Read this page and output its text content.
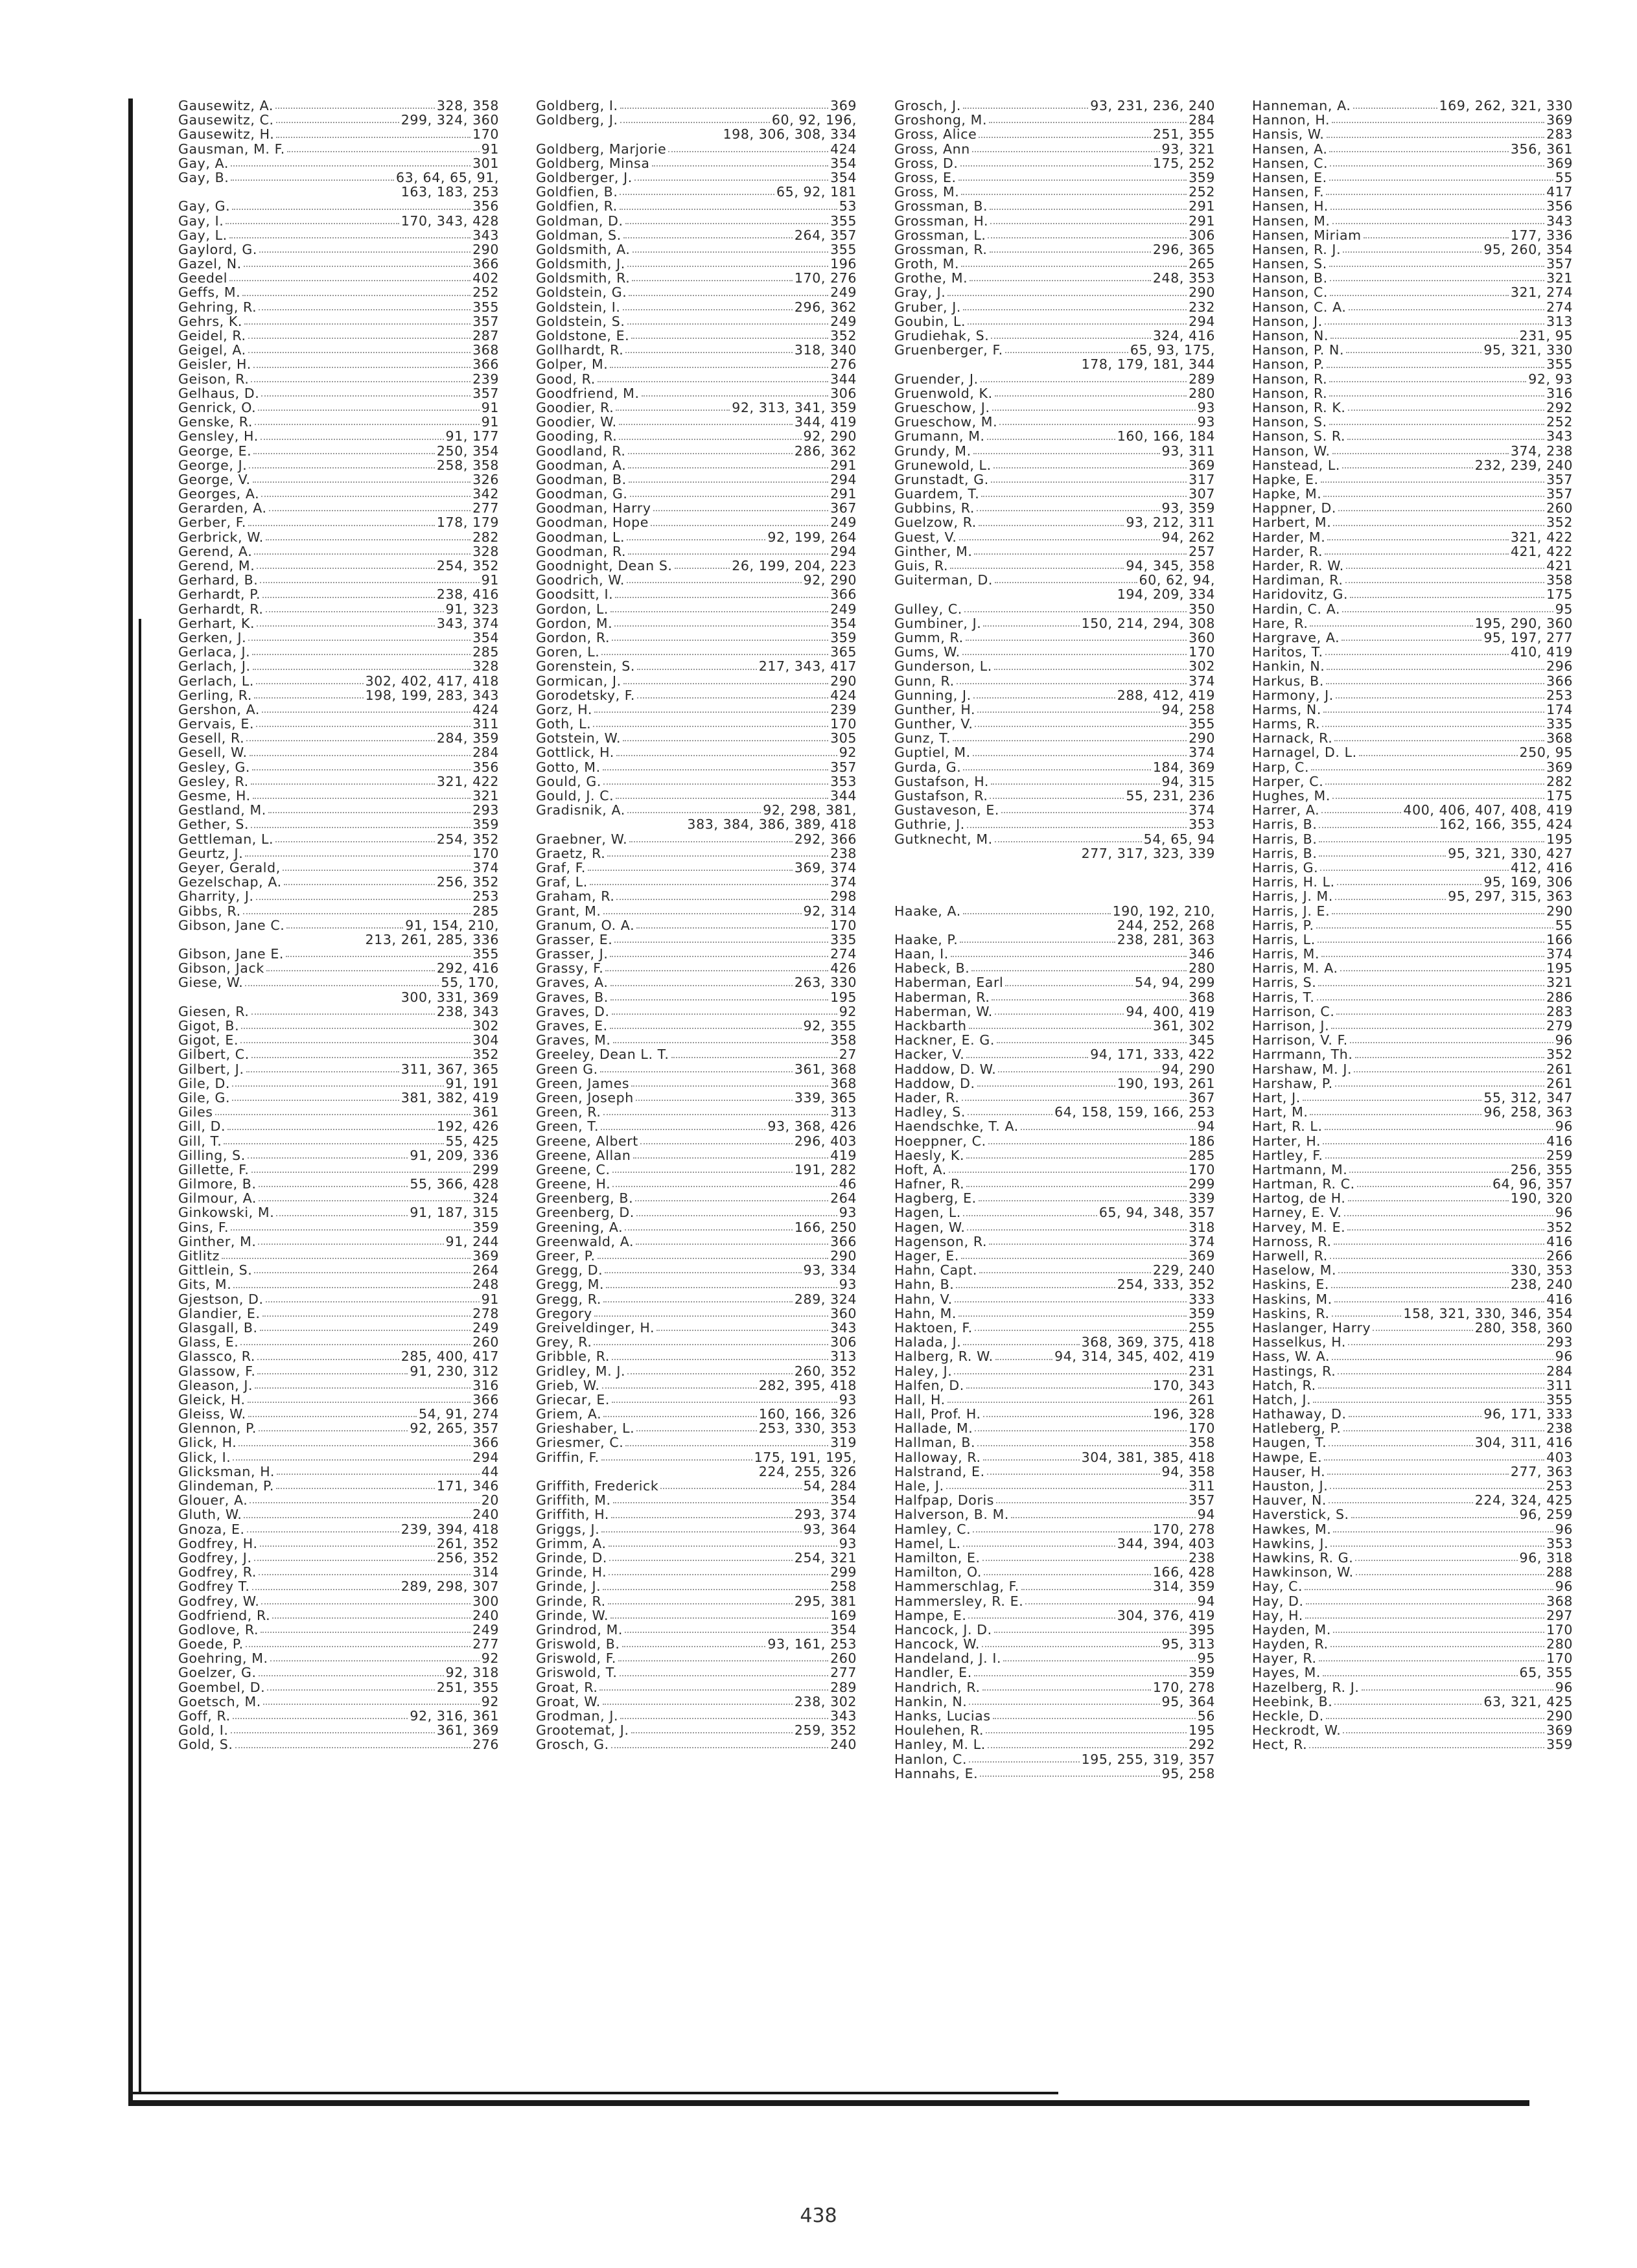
Gausewitz, A.	328, 358
Gausewitz, C.	299, 324, 360
Gausewitz, H.	170
Gausman, M. F.	91
Gay, A.	301
Gay, B.	63, 64, 65, 91,
163, 183, 253
Gay, G.	356
Gay, I.	170, 343, 428
Gay, L.	343
Gaylord, G.	290
Gazel, N.	366
Geedel	402
Geffs, M.	252
Gehring, R.	355
Gehrs, K.	357
Geidel, R.	287
Geigel, A.	368
Geisler, H.	366
Geison, R.	239
Gelhaus, D.	357
Genrick, O.	91
Genske, R.	91
Gensley, H.	91, 177
George, E.	250, 354
George, J.	258, 358
George, V.	326
Georges, A.	342
Gerarden, A.	277
Gerber, F.	178, 179
Gerbrick, W.	282
Gerend, A.	328
Gerend, M.	254, 352
Gerhard, B.	91
Gerhardt, P.	238, 416
Gerhardt, R.	91, 323
Gerhart, K.	343, 374
Gerken, J.	354
Gerlaca, J.	285
Gerlach, J.	328
Gerlach, L.	302, 402, 417, 418
Gerling, R.	198, 199, 283, 343
Gershon, A.	424
Gervais, E.	311
Gesell, R.	284, 359
Gesell, W.	284
Gesley, G.	356
Gesley, R.	321, 422
Gesme, H.	321
Gestland, M.	293
Gether, S.	359
Gettleman, L.	254, 352
Geurtz, J.	170
Geyer, Gerald,	374
Gezelschap, A.	256, 352
Gharrity, J.	253
Gibbs, R.	285
Gibson, Jane C.	91, 154, 210,
213, 261, 285, 336
Gibson, Jane E.	355
Gibson, Jack	292, 416
Giese, W.	55, 170,
300, 331, 369
Giesen, R.	238, 343
Gigot, B.	302
Gigot, E.	304
Gilbert, C.	352
Gilbert, J.	311, 367, 365
Gile, D.	91, 191
Gile, G.	381, 382, 419
Giles	361
Gill, D.	192, 426
Gill, T.	55, 425
Gilling, S.	91, 209, 336
Gillette, F.	299
Gilmore, B.	55, 366, 428
Gilmour, A.	324
Ginkowski, M.	91, 187, 315
Gins, F.	359
Ginther, M.	91, 244
Gitlitz	369
Gittlein, S.	264
Gits, M.	248
Gjestson, D.	91
Glandier, E.	278
Glasgall, B.	249
Glass, E.	260
Glassco, R.	285, 400, 417
Glassow, F.	91, 230, 312
Gleason, J.	316
Gleick, H.	366
Gleiss, W.	54, 91, 274
Glennon, P.	92, 265, 357
Glick, H.	366
Glick, I.	294
Glicksman, H.	44
Glindeman, P.	171, 346
Glouer, A.	20
Gluth, W.	240
Gnoza, E.	239, 394, 418
Godfrey, H.	261, 352
Godfrey, J.	256, 352
Godfrey, R.	314
Godfrey T.	289, 298, 307
Godfrey, W.	300
Godfriend, R.	240
Godlove, R.	249
Goede, P.	277
Goehring, M.	92
Goelzer, G.	92, 318
Goembel, D.	251, 355
Goetsch, M.	92
Goff, R.	92, 316, 361
Gold, I.	361, 369
Gold, S.	276
Goldberg, I.	369
Goldberg, J.	60, 92, 196,
198, 306, 308, 334
Goldberg, Marjorie	424
Goldberg, Minsa	354
Goldberger, J.	354
Goldfien, B.	65, 92, 181
Goldfien, R.	53
Goldman, D.	355
Goldman, S.	264, 357
Goldsmith, A.	355
Goldsmith, J.	196
Goldsmith, R.	170, 276
Goldstein, G.	249
Goldstein, I.	296, 362
Goldstein, S.	249
Goldstone, E.	352
Gollhardt, R.	318, 340
Golper, M.	276
Good, R.	344
Goodfriend, M.	306
Goodier, R.	92, 313, 341, 359
Goodier, W.	344, 419
Gooding, R.	92, 290
Goodland, R.	286, 362
Goodman, A.	291
Goodman, B.	294
Goodman, G.	291
Goodman, Harry	367
Goodman, Hope	249
Goodman, L.	92, 199, 264
Goodman, R.	294
Goodnight, Dean S.	26, 199, 204, 223
Goodrich, W.	92, 290
Goodsitt, I.	366
Gordon, L.	249
Gordon, M.	354
Gordon, R.	359
Goren, L.	365
Gorenstein, S.	217, 343, 417
Gormican, J.	290
Gorodetsky, F.	424
Gorz, H.	239
Goth, L.	170
Gotstein, W.	305
Gottlick, H.	92
Gotto, M.	357
Gould, G.	353
Gould, J. C.	344
Gradisnik, A.	92, 298, 381,
383, 384, 386, 389, 418
Graebner, W.	292, 366
Graetz, R.	238
Graf, F.	369, 374
Graf, L.	374
Graham, R.	298
Grant, M.	92, 314
Granum, O. A.	170
Grasser, E.	335
Grasser, J.	274
Grassy, F.	426
Graves, A.	263, 330
Graves, B.	195
Graves, D.	92
Graves, E.	92, 355
Graves, M.	358
Greeley, Dean L. T.	27
Green G.	361, 368
Green, James	368
Green, Joseph	339, 365
Green, R.	313
Green, T.	93, 368, 426
Greene, Albert	296, 403
Greene, Allan	419
Greene, C.	191, 282
Greene, H.	46
Greenberg, B.	264
Greenberg, D.	93
Greening, A.	166, 250
Greenwald, A.	366
Greer, P.	290
Gregg, D.	93, 334
Gregg, M.	93
Gregg, R.	289, 324
Gregory	360
Greiveldinger, H.	343
Grey, R.	306
Gribble, R.	313
Gridley, M. J.	260, 352
Grieb, W.	282, 395, 418
Griecar, E.	93
Griem, A.	160, 166, 326
Grieshaber, L.	253, 330, 353
Griesmer, C.	319
Griffin, F.	175, 191, 195,
224, 255, 326
Griffith, Frederick	54, 284
Griffith, M.	354
Griffith, H.	293, 374
Griggs, J.	93, 364
Grimm, A.	93
Grinde, D.	254, 321
Grinde, H.	299
Grinde, J.	258
Grinde, R.	295, 381
Grinde, W.	169
Grindrod, M.	354
Griswold, B.	93, 161, 253
Griswold, F.	260
Griswold, T.	277
Groat, R.	289
Groat, W.	238, 302
Grodman, J.	343
Grootemat, J.	259, 352
Grosch, G.	240
Grosch, J.	93, 231, 236, 240
Groshong, M.	284
Gross, Alice	251, 355
Gross, Ann	93, 321
Gross, D.	175, 252
Gross, E.	359
Gross, M.	252
Grossman, B.	291
Grossman, H.	291
Grossman, L.	306
Grossman, R.	296, 365
Groth, M.	265
Grothe, M.	248, 353
Gray, J.	290
Gruber, J.	232
Goubin, L.	294
Grudiehak, S.	324, 416
Gruenberger, F.	65, 93, 175,
178, 179, 181, 344
Gruender, J.	289
Gruenwold, K.	280
Grueschow, J.	93
Grueschow, M.	93
Grumann, M.	160, 166, 184
Grundy, M.	93, 311
Grunewold, L.	369
Grunstadt, G.	317
Guardem, T.	307
Gubbins, R.	93, 359
Guelzow, R.	93, 212, 311
Guest, V.	94, 262
Ginther, M.	257
Guis, R.	94, 345, 358
Guiterman, D.	60, 62, 94,
194, 209, 334
Gulley, C.	350
Gumbiner, J.	150, 214, 294, 308
Gumm, R.	360
Gums, W.	170
Gunderson, L.	302
Gunn, R.	374
Gunning, J.	288, 412, 419
Gunther, H.	94, 258
Gunther, V.	355
Gunz, T.	290
Guptiel, M.	374
Gurda, G.	184, 369
Gustafson, H.	94, 315
Gustafson, R.	55, 231, 236
Gustaveson, E.	374
Guthrie, J.	353
Gutknecht, M.	54, 65, 94
277, 317, 323, 339
Haake, A.	190, 192, 210,
244, 252, 268
Haake, P.	238, 281, 363
Haan, I.	346
Habeck, B.	280
Haberman, Earl	54, 94, 299
Haberman, R.	368
Haberman, W.	94, 400, 419
Hackbarth	361, 302
Hackner, E. G.	345
Hacker, V.	94, 171, 333, 422
Haddow, D. W.	94, 290
Haddow, D.	190, 193, 261
Hader, R.	367
Hadley, S.	64, 158, 159, 166, 253
Haendschke, T. A.	94
Hoeppner, C.	186
Haesly, K.	285
Hoft, A.	170
Hafner, R.	299
Hagberg, E.	339
Hagen, L.	65, 94, 348, 357
Hagen, W.	318
Hagenson, R.	374
Hager, E.	369
Hahn, Capt.	229, 240
Hahn, B.	254, 333, 352
Hahn, V.	333
Hahn, M.	359
Haktoen, F.	255
Halada, J.	368, 369, 375, 418
Halberg, R. W.	94, 314, 345, 402, 419
Haley, J.	231
Halfen, D.	170, 343
Hall, H.	261
Hall, Prof. H.	196, 328
Hallade, M.	170
Hallman, B.	358
Halloway, R.	304, 381, 385, 418
Halstrand, E.	94, 358
Hale, J.	311
Halfpap, Doris	357
Halverson, B. M.	94
Hamley, C.	170, 278
Hamel, L.	344, 394, 403
Hamilton, E.	238
Hamilton, O.	166, 428
Hammerschlag, F.	314, 359
Hammersley, R. E.	94
Hampe, E.	304, 376, 419
Hancock, J. D.	395
Hancock, W.	95, 313
Handeland, J. I.	95
Handler, E.	359
Handrich, R.	170, 278
Hankin, N.	95, 364
Hanks, Lucias	56
Houlehen, R.	195
Hanley, M. L.	292
Hanlon, C.	195, 255, 319, 357
Hannahs, E.	95, 258
Hanneman, A.	169, 262, 321, 330
Hannon, H.	369
Hansis, W.	283
Hansen, A.	356, 361
Hansen, C.	369
Hansen, E.	55
Hansen, F.	417
Hansen, H.	356
Hansen, M.	343
Hansen, Miriam	177, 336
Hansen, R. J.	95, 260, 354
Hansen, S.	357
Hanson, B.	321
Hanson, C.	321, 274
Hanson, C. A.	274
Hanson, J.	313
Hanson, N.	231, 95
Hanson, P. N.	95, 321, 330
Hanson, P.	355
Hanson, R.	92, 93
Hanson, R.	316
Hanson, R. K.	292
Hanson, S.	252
Hanson, S. R.	343
Hanson, W.	374, 238
Hanstead, L.	232, 239, 240
Hapke, E.	357
Hapke, M.	357
Happner, D.	260
Harbert, M.	352
Harder, M.	321, 422
Harder, R.	421, 422
Harder, R. W.	421
Hardiman, R.	358
Haridovitz, G.	175
Hardin, C. A.	95
Hare, R.	195, 290, 360
Hargrave, A.	95, 197, 277
Haritos, T.	410, 419
Hankin, N.	296
Harkus, B.	366
Harmony, J.	253
Harms, N.	174
Harms, R.	335
Harnack, R.	368
Harnagel, D. L.	250, 95
Harp, C.	369
Harper, C.	282
Hughes, M.	175
Harrer, A.	400, 406, 407, 408, 419
Harris, B.	162, 166, 355, 424
Harris, B.	195
Harris, B.	95, 321, 330, 427
Harris, G.	412, 416
Harris, H. L.	95, 169, 306
Harris, J. M.	95, 297, 315, 363
Harris, J. E.	290
Harris, P.	55
Harris, L.	166
Harris, M.	374
Harris, M. A.	195
Harris, S.	321
Harris, T.	286
Harrison, C.	283
Harrison, J.	279
Harrison, V. F.	96
Harrmann, Th.	352
Harshaw, M. J.	261
Harshaw, P.	261
Hart, J.	55, 312, 347
Hart, M.	96, 258, 363
Hart, R. L.	96
Harter, H.	416
Hartley, F.	259
Hartmann, M.	256, 355
Hartman, R. C.	64, 96, 357
Hartog, de H.	190, 320
Harney, E. V.	96
Harvey, M. E.	352
Harnoss, R.	416
Harwell, R.	266
Haselow, M.	330, 353
Haskins, E.	238, 240
Haskins, M.	416
Haskins, R.	158, 321, 330, 346, 354
Haslanger, Harry	280, 358, 360
Hasselkus, H.	293
Hass, W. A.	96
Hastings, R.	284
Hatch, R.	311
Hatch, J.	355
Hathaway, D.	96, 171, 333
Hatleberg, P.	238
Haugen, T.	304, 311, 416
Hawpe, E.	403
Hauser, H.	277, 363
Hauston, J.	253
Hauver, N.	224, 324, 425
Haverstick, S.	96, 259
Hawkes, M.	96
Hawkins, J.	353
Hawkins, R. G.	96, 318
Hawkinson, W.	288
Hay, C.	96
Hay, D.	368
Hay, H.	297
Hayden, M.	170
Hayden, R.	280
Hayer, R.	170
Hayes, M.	65, 355
Hazelberg, R. J.	96
Heebink, B.	63, 321, 425
Heckle, D.	290
Heckrodt, W.	369
Hect, R.	359
438
